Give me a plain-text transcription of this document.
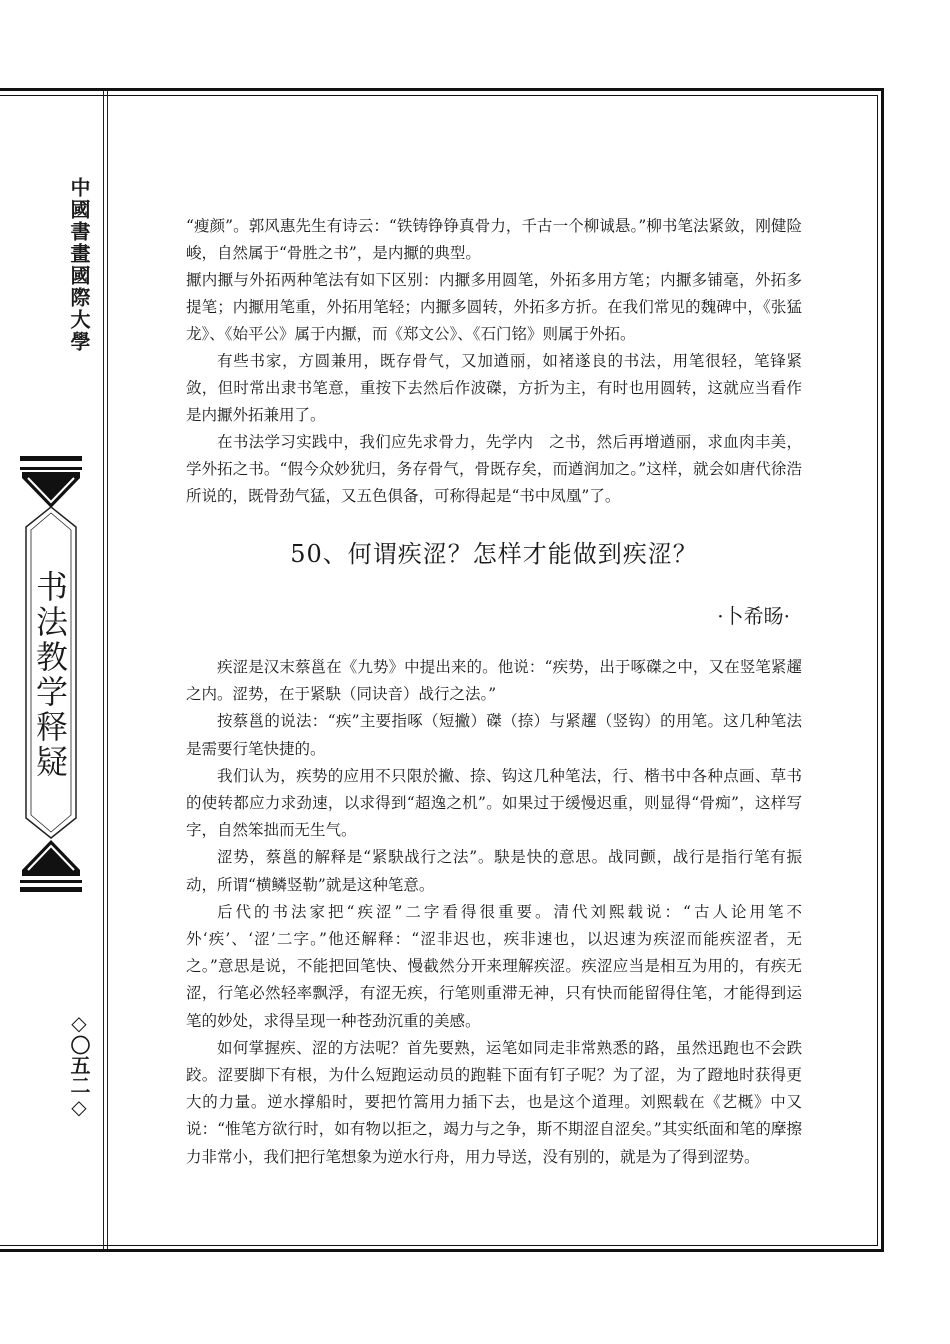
中國書畫國際大學
书法教学释疑
◇〇五二◇

“瘦颜”。郭风惠先生有诗云：“铁铸铮铮真骨力，千古一个柳诚悬。”柳书笔法紧敛，刚健险峻，自然属于“骨胜之书”，是内擫的典型。

擫内擫与外拓两种笔法有如下区别：内擫多用圆笔，外拓多用方笔；内擫多铺毫，外拓多提笔；内擫用笔重，外拓用笔轻；内擫多圆转，外拓多方折。在我们常见的魏碑中，《张猛龙》、《始平公》属于内擫，而《郑文公》、《石门铭》则属于外拓。

有些书家，方圆兼用，既存骨气，又加遒丽，如褚遂良的书法，用笔很轻，笔锋紧敛，但时常出隶书笔意，重按下去然后作波磔，方折为主，有时也用圆转，这就应当看作是内擫外拓兼用了。

在书法学习实践中，我们应先求骨力，先学内　之书，然后再增遒丽，求血肉丰美，学外拓之书。“假今众妙犹归，务存骨气，骨既存矣，而遒润加之。”这样，就会如唐代徐浩所说的，既骨劲气猛，又五色俱备，可称得起是“书中凤凰”了。

50、何谓疾涩？怎样才能做到疾涩？
·卜希旸·

疾涩是汉末蔡邕在《九势》中提出来的。他说：“疾势，出于啄磔之中，又在竖笔紧趯之内。涩势，在于紧駃（同诀音）战行之法。”

按蔡邕的说法：“疾”主要指啄（短撇）磔（捺）与紧趯（竖钩）的用笔。这几种笔法是需要行笔快捷的。

我们认为，疾势的应用不只限於撇、捺、钩这几种笔法，行、楷书中各种点画、草书的使转都应力求劲速，以求得到“超逸之机”。如果过于缓慢迟重，则显得“骨痴”，这样写字，自然笨拙而无生气。

涩势，蔡邕的解释是“紧駃战行之法”。駃是快的意思。战同颤，战行是指行笔有振动，所谓“横鳞竖勒”就是这种笔意。

后代的书法家把“疾涩”二字看得很重要。清代刘熙载说：“古人论用笔不外‘疾’、‘涩’二字。”他还解释：“涩非迟也，疾非速也，以迟速为疾涩而能疾涩者，无之。”意思是说，不能把回笔快、慢截然分开来理解疾涩。疾涩应当是相互为用的，有疾无涩，行笔必然轻率飘浮，有涩无疾，行笔则重滞无神，只有快而能留得住笔，才能得到运笔的妙处，求得呈现一种苍劲沉重的美感。

如何掌握疾、涩的方法呢？首先要熟，运笔如同走非常熟悉的路，虽然迅跑也不会跌跤。涩要脚下有根，为什么短跑运动员的跑鞋下面有钉子呢？为了涩，为了蹬地时获得更大的力量。逆水撑船时，要把竹篙用力插下去，也是这个道理。刘熙载在《艺概》中又说：“惟笔方欲行时，如有物以拒之，竭力与之争，斯不期涩自涩矣。”其实纸面和笔的摩擦力非常小，我们把行笔想象为逆水行舟，用力导送，没有别的，就是为了得到涩势。
